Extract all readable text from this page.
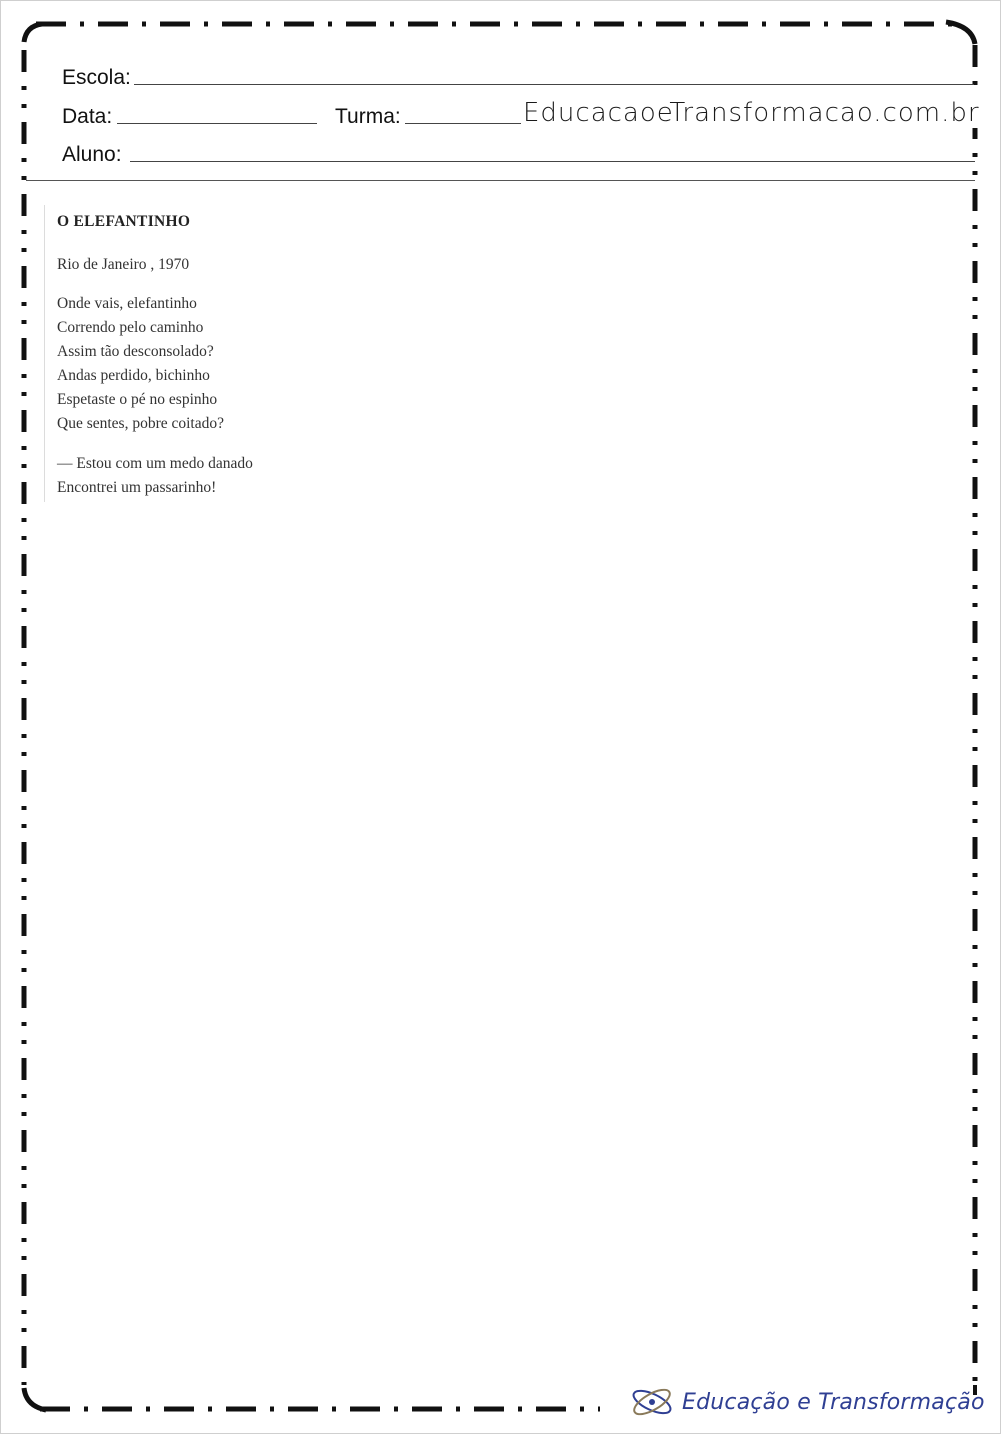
Escola:
Data:	Turma:	EducacaoeTransformacao.com.br
Aluno:
O ELEFANTINHO
Rio de Janeiro , 1970
Onde vais, elefantinho
Correndo pelo caminho
Assim tão desconsolado?
Andas perdido, bichinho
Espetaste o pé no espinho
Que sentes, pobre coitado?
— Estou com um medo danado
Encontrei um passarinho!
Educação e Transformação
